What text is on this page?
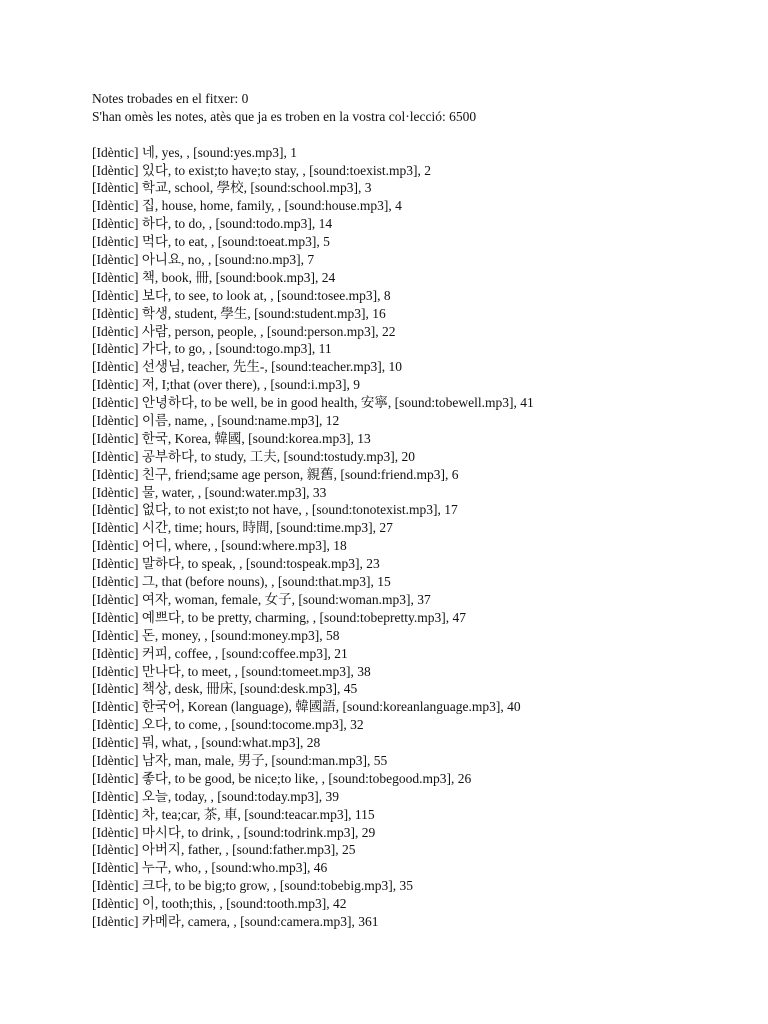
Notes trobades en el fitxer: 0
S'han omès les notes, atès que ja es troben en la vostra col·lecció: 6500
[Idèntic] 네, yes, , [sound:yes.mp3], 1
[Idèntic] 있다, to exist;to have;to stay, , [sound:toexist.mp3], 2
[Idèntic] 학교, school, 學校, [sound:school.mp3], 3
[Idèntic] 집, house, home, family, , [sound:house.mp3], 4
[Idèntic] 하다, to do, , [sound:todo.mp3], 14
[Idèntic] 먹다, to eat, , [sound:toeat.mp3], 5
[Idèntic] 아니요, no, , [sound:no.mp3], 7
[Idèntic] 책, book, 冊, [sound:book.mp3], 24
[Idèntic] 보다, to see, to look at, , [sound:tosee.mp3], 8
[Idèntic] 학생, student, 學生, [sound:student.mp3], 16
[Idèntic] 사람, person, people, , [sound:person.mp3], 22
[Idèntic] 가다, to go, , [sound:togo.mp3], 11
[Idèntic] 선생님, teacher, 先生-, [sound:teacher.mp3], 10
[Idèntic] 저, I;that (over there), , [sound:i.mp3], 9
[Idèntic] 안녕하다, to be well, be in good health, 安寧, [sound:tobewell.mp3], 41
[Idèntic] 이름, name, , [sound:name.mp3], 12
[Idèntic] 한국, Korea, 韓國, [sound:korea.mp3], 13
[Idèntic] 공부하다, to study, 工夫, [sound:tostudy.mp3], 20
[Idèntic] 친구, friend;same age person, 親舊, [sound:friend.mp3], 6
[Idèntic] 물, water, , [sound:water.mp3], 33
[Idèntic] 없다, to not exist;to not have, , [sound:tonotexist.mp3], 17
[Idèntic] 시간, time; hours, 時間, [sound:time.mp3], 27
[Idèntic] 어디, where, , [sound:where.mp3], 18
[Idèntic] 말하다, to speak, , [sound:tospeak.mp3], 23
[Idèntic] 그, that (before nouns), , [sound:that.mp3], 15
[Idèntic] 여자, woman, female, 女子, [sound:woman.mp3], 37
[Idèntic] 예쁘다, to be pretty, charming, , [sound:tobepretty.mp3], 47
[Idèntic] 돈, money, , [sound:money.mp3], 58
[Idèntic] 커피, coffee, , [sound:coffee.mp3], 21
[Idèntic] 만나다, to meet, , [sound:tomeet.mp3], 38
[Idèntic] 책상, desk, 冊床, [sound:desk.mp3], 45
[Idèntic] 한국어, Korean (language), 韓國語, [sound:koreanlanguage.mp3], 40
[Idèntic] 오다, to come, , [sound:tocome.mp3], 32
[Idèntic] 뭐, what, , [sound:what.mp3], 28
[Idèntic] 남자, man, male, 男子, [sound:man.mp3], 55
[Idèntic] 좋다, to be good, be nice;to like, , [sound:tobegood.mp3], 26
[Idèntic] 오늘, today, , [sound:today.mp3], 39
[Idèntic] 차, tea;car, 茶, 車, [sound:teacar.mp3], 115
[Idèntic] 마시다, to drink, , [sound:todrink.mp3], 29
[Idèntic] 아버지, father, , [sound:father.mp3], 25
[Idèntic] 누구, who, , [sound:who.mp3], 46
[Idèntic] 크다, to be big;to grow, , [sound:tobebig.mp3], 35
[Idèntic] 이, tooth;this, , [sound:tooth.mp3], 42
[Idèntic] 카메라, camera, , [sound:camera.mp3], 361
